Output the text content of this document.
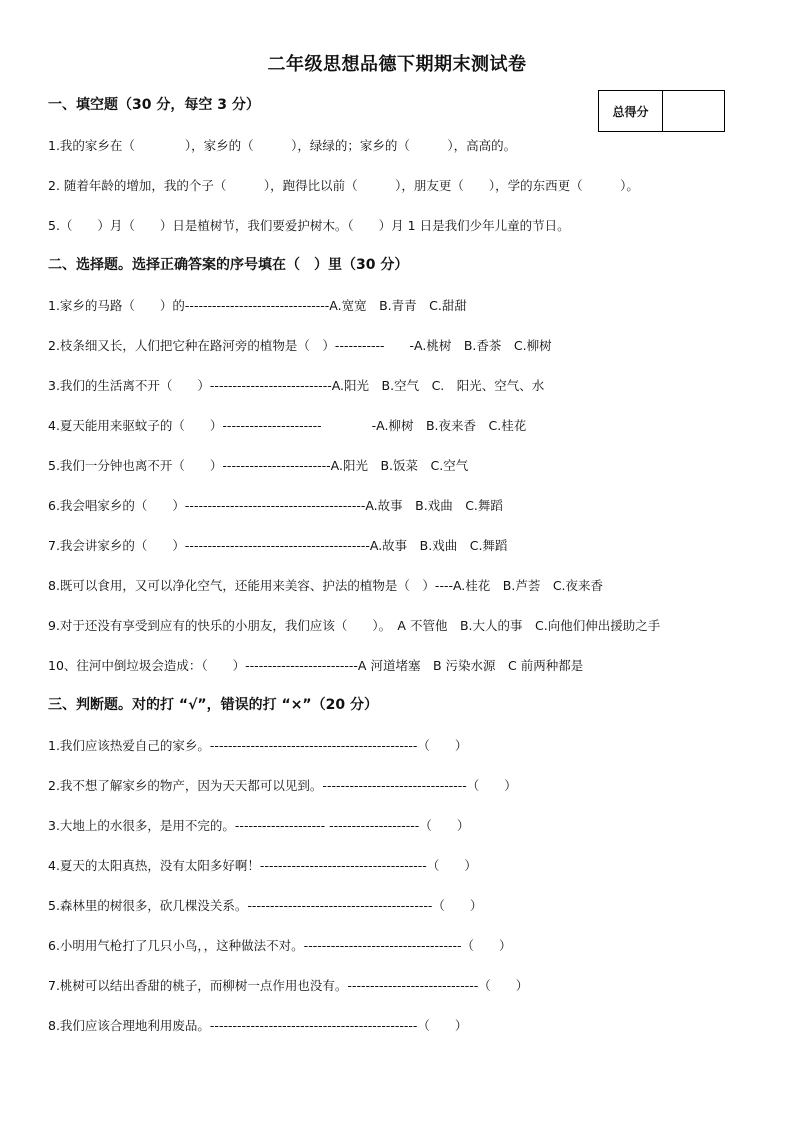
二年级思想品德下期期末测试卷
总得分
一、填空题（30 分，每空 3 分）
1.我的家乡在（　　　　），家乡的（　　　），绿绿的；家乡的（　　　），高高的。
2. 随着年龄的增加，我的个子（　　　），跑得比以前（　　　），朋友更（　　），学的东西更（　　　）。
5.（　　）月（　　）日是植树节，我们要爱护树木。（　　）月 1 日是我们少年儿童的节日。
二、选择题。选择正确答案的序号填在（　）里（30 分）
1.家乡的马路（　　）的--------------------------------A.宽宽　B.青青　C.甜甜
2.枝条细又长，人们把它种在路河旁的植物是（　）-----------　　-A.桃树　B.香茶　C.柳树
3.我们的生活离不开（　　）---------------------------A.阳光　B.空气　C.　阳光、空气、水
4.夏天能用来驱蚊子的（　　）----------------------　　　　-A.柳树　B.夜来香　C.桂花
5.我们一分钟也离不开（　　）------------------------A.阳光　B.饭菜　C.空气
6.我会唱家乡的（　　）----------------------------------------A.故事　B.戏曲　C.舞蹈
7.我会讲家乡的（　　）-----------------------------------------A.故事　B.戏曲　C.舞蹈
8.既可以食用，又可以净化空气，还能用来美容、护法的植物是（　）----A.桂花　B.芦荟　C.夜来香
9.对于还没有享受到应有的快乐的小朋友，我们应该（　　）。　A 不管他　B.大人的事　C.向他们伸出援助之手
10、往河中倒垃圾会造成：（　　）-------------------------A 河道堵塞　B 污染水源　C 前两种都是
三、判断题。对的打 “√”，错误的打 “×”（20 分）
1.我们应该热爱自己的家乡。----------------------------------------------（　　）
2.我不想了解家乡的物产，因为天天都可以见到。--------------------------------（　　）
3.大地上的水很多，是用不完的。-------------------- --------------------（　　）
4.夏天的太阳真热，没有太阳多好啊！-------------------------------------（　　）
5.森林里的树很多，砍几棵没关系。-----------------------------------------（　　）
6.小明用气枪打了几只小鸟，，这种做法不对。-----------------------------------（　　）
7.桃树可以结出香甜的桃子，而柳树一点作用也没有。-----------------------------（　　）
8.我们应该合理地利用废品。----------------------------------------------（　　）
